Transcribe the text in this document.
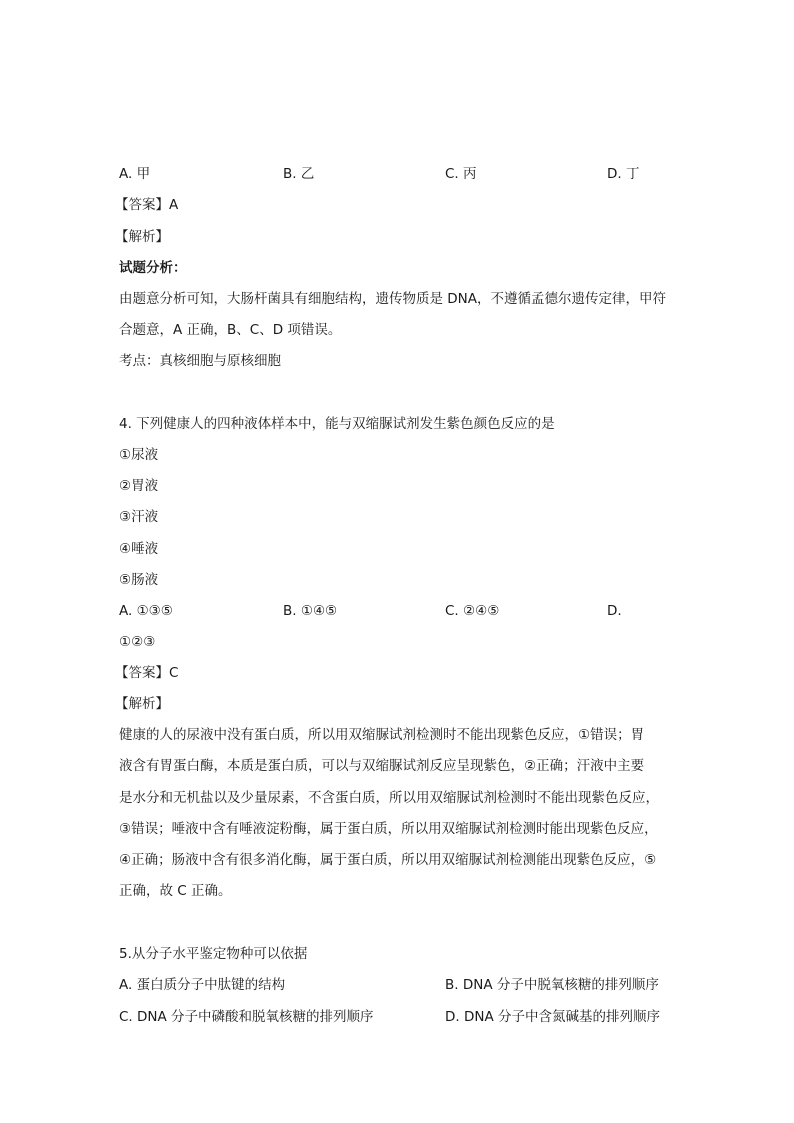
A. 甲	B. 乙	C. 丙	D. 丁
【答案】A
【解析】
试题分析：
由题意分析可知，大肠杆菌具有细胞结构，遗传物质是 DNA，不遵循孟德尔遗传定律，甲符
合题意，A 正确，B、C、D 项错误。
考点：真核细胞与原核细胞
4. 下列健康人的四种液体样本中，能与双缩脲试剂发生紫色颜色反应的是
①尿液
②胃液
③汗液
④唾液
⑤肠液
A. ①③⑤	B. ①④⑤	C. ②④⑤	D.
①②③
【答案】C
【解析】
健康的人的尿液中没有蛋白质，所以用双缩脲试剂检测时不能出现紫色反应，①错误；胃
液含有胃蛋白酶，本质是蛋白质，可以与双缩脲试剂反应呈现紫色，②正确；汗液中主要
是水分和无机盐以及少量尿素，不含蛋白质，所以用双缩脲试剂检测时不能出现紫色反应，
③错误；唾液中含有唾液淀粉酶，属于蛋白质，所以用双缩脲试剂检测时能出现紫色反应，
④正确；肠液中含有很多消化酶，属于蛋白质，所以用双缩脲试剂检测能出现紫色反应，⑤
正确，故 C 正确。
5.从分子水平鉴定物种可以依据
A. 蛋白质分子中肽键的结构	B. DNA 分子中脱氧核糖的排列顺序
C. DNA 分子中磷酸和脱氧核糖的排列顺序	D. DNA 分子中含氮碱基的排列顺序
